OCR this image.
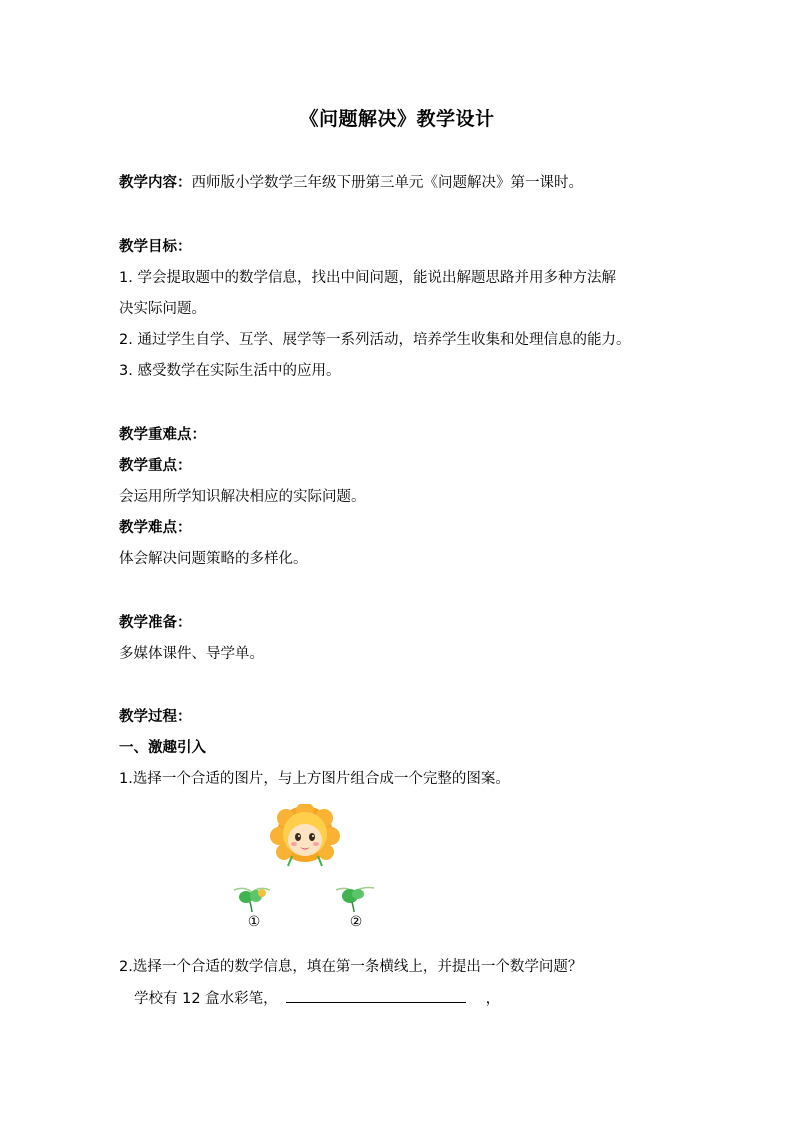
《问题解决》教学设计
教学内容：西师版小学数学三年级下册第三单元《问题解决》第一课时。
教学目标：
1. 学会提取题中的数学信息，找出中间问题，能说出解题思路并用多种方法解
决实际问题。
2. 通过学生自学、互学、展学等一系列活动，培养学生收集和处理信息的能力。
3. 感受数学在实际生活中的应用。
教学重难点：
教学重点：
会运用所学知识解决相应的实际问题。
教学难点：
体会解决问题策略的多样化。
教学准备：
多媒体课件、导学单。
教学过程：
一、激趣引入
1.选择一个合适的图片，与上方图片组合成一个完整的图案。
①	②
2.选择一个合适的数学信息，填在第一条横线上，并提出一个数学问题？
学校有 12 盒水彩笔，	，
